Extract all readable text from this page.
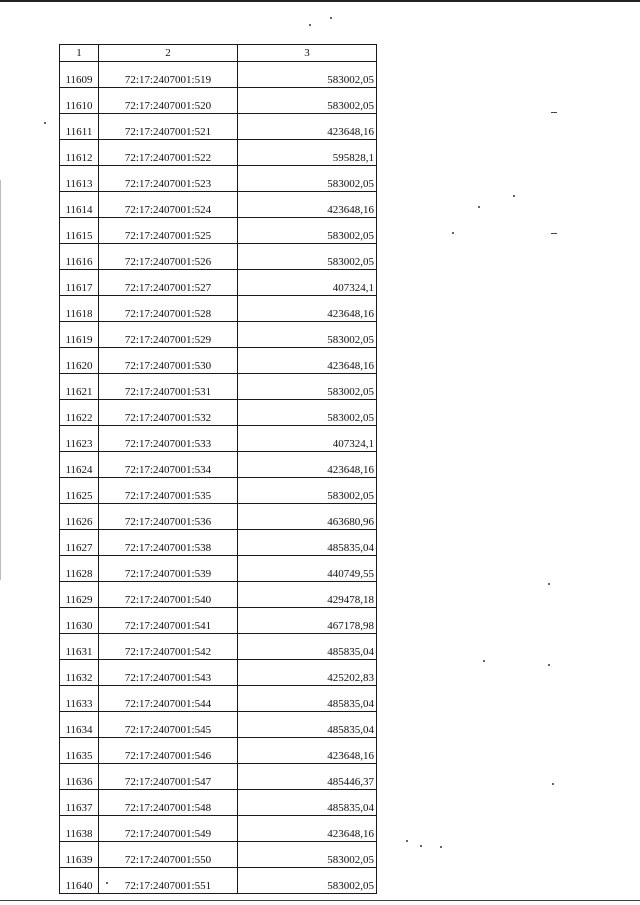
1	2	3
11609	72:17:2407001:519	583002,05
11610	72:17:2407001:520	583002,05
11611	72:17:2407001:521	423648,16
11612	72:17:2407001:522	595828,1
11613	72:17:2407001:523	583002,05
11614	72:17:2407001:524	423648,16
11615	72:17:2407001:525	583002,05
11616	72:17:2407001:526	583002,05
11617	72:17:2407001:527	407324,1
11618	72:17:2407001:528	423648,16
11619	72:17:2407001:529	583002,05
11620	72:17:2407001:530	423648,16
11621	72:17:2407001:531	583002,05
11622	72:17:2407001:532	583002,05
11623	72:17:2407001:533	407324,1
11624	72:17:2407001:534	423648,16
11625	72:17:2407001:535	583002,05
11626	72:17:2407001:536	463680,96
11627	72:17:2407001:538	485835,04
11628	72:17:2407001:539	440749,55
11629	72:17:2407001:540	429478,18
11630	72:17:2407001:541	467178,98
11631	72:17:2407001:542	485835,04
11632	72:17:2407001:543	425202,83
11633	72:17:2407001:544	485835,04
11634	72:17:2407001:545	485835,04
11635	72:17:2407001:546	423648,16
11636	72:17:2407001:547	485446,37
11637	72:17:2407001:548	485835,04
11638	72:17:2407001:549	423648,16
11639	72:17:2407001:550	583002,05
11640	72:17:2407001:551	583002,05
